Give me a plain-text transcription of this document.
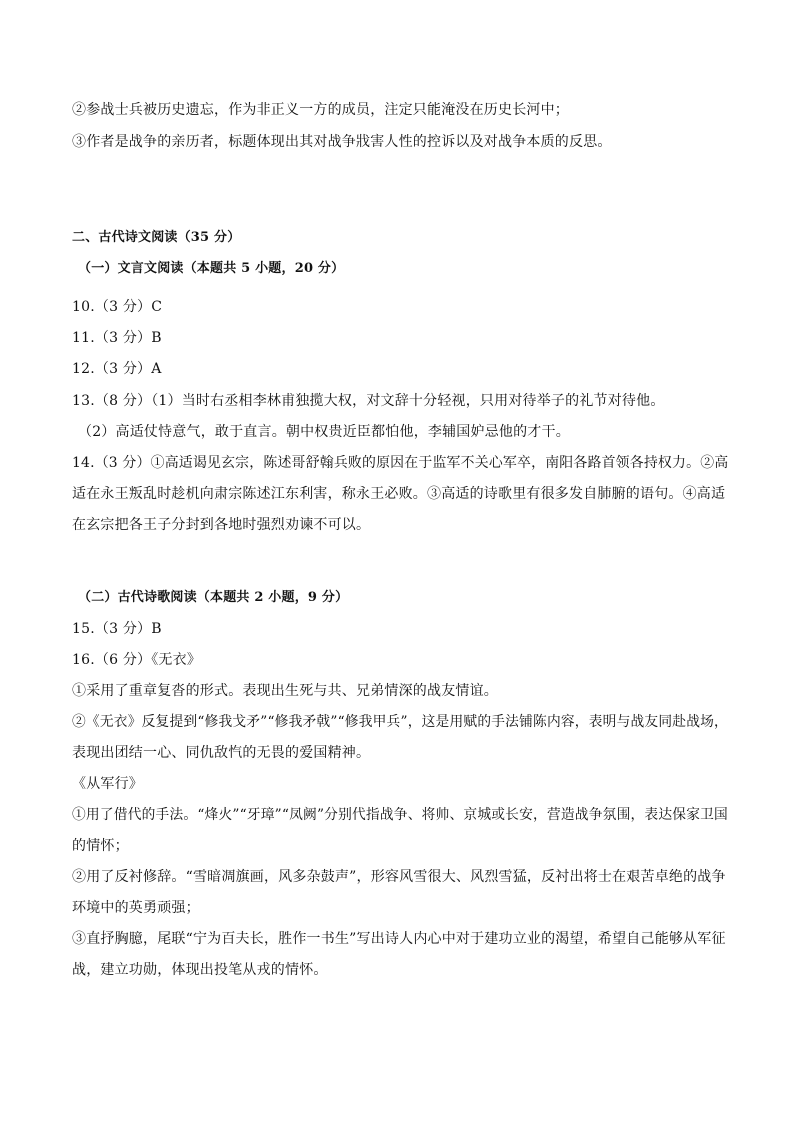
②参战士兵被历史遗忘，作为非正义一方的成员，注定只能淹没在历史长河中；
③作者是战争的亲历者，标题体现出其对战争戕害人性的控诉以及对战争本质的反思。
二、古代诗文阅读（35 分）
（一）文言文阅读（本题共 5 小题，20 分）
10.（3 分）C
11.（3 分）B
12.（3 分）A
13.（8 分）（1）当时右丞相李林甫独揽大权，对文辞十分轻视，只用对待举子的礼节对待他。
（2）高适仗恃意气，敢于直言。朝中权贵近臣都怕他，李辅国妒忌他的才干。
14.（3 分）①高适谒见玄宗，陈述哥舒翰兵败的原因在于监军不关心军卒，南阳各路首领各持权力。②高
适在永王叛乱时趁机向肃宗陈述江东利害，称永王必败。③高适的诗歌里有很多发自肺腑的语句。④高适
在玄宗把各王子分封到各地时强烈劝谏不可以。
（二）古代诗歌阅读（本题共 2 小题，9 分）
15.（3 分）B
16.（6 分）《无衣》
①采用了重章复沓的形式。表现出生死与共、兄弟情深的战友情谊。
②《无衣》反复提到“修我戈矛”“修我矛戟”“修我甲兵”，这是用赋的手法铺陈内容，表明与战友同赴战场，
表现出团结一心、同仇敌忾的无畏的爱国精神。
《从军行》
①用了借代的手法。“烽火”“牙璋”“凤阙”分别代指战争、将帅、京城或长安，营造战争氛围，表达保家卫国
的情怀；
②用了反衬修辞。“雪暗凋旗画，风多杂鼓声”，形容风雪很大、风烈雪猛，反衬出将士在艰苦卓绝的战争
环境中的英勇顽强；
③直抒胸臆，尾联“宁为百夫长，胜作一书生”写出诗人内心中对于建功立业的渴望，希望自己能够从军征
战，建立功勋，体现出投笔从戎的情怀。
